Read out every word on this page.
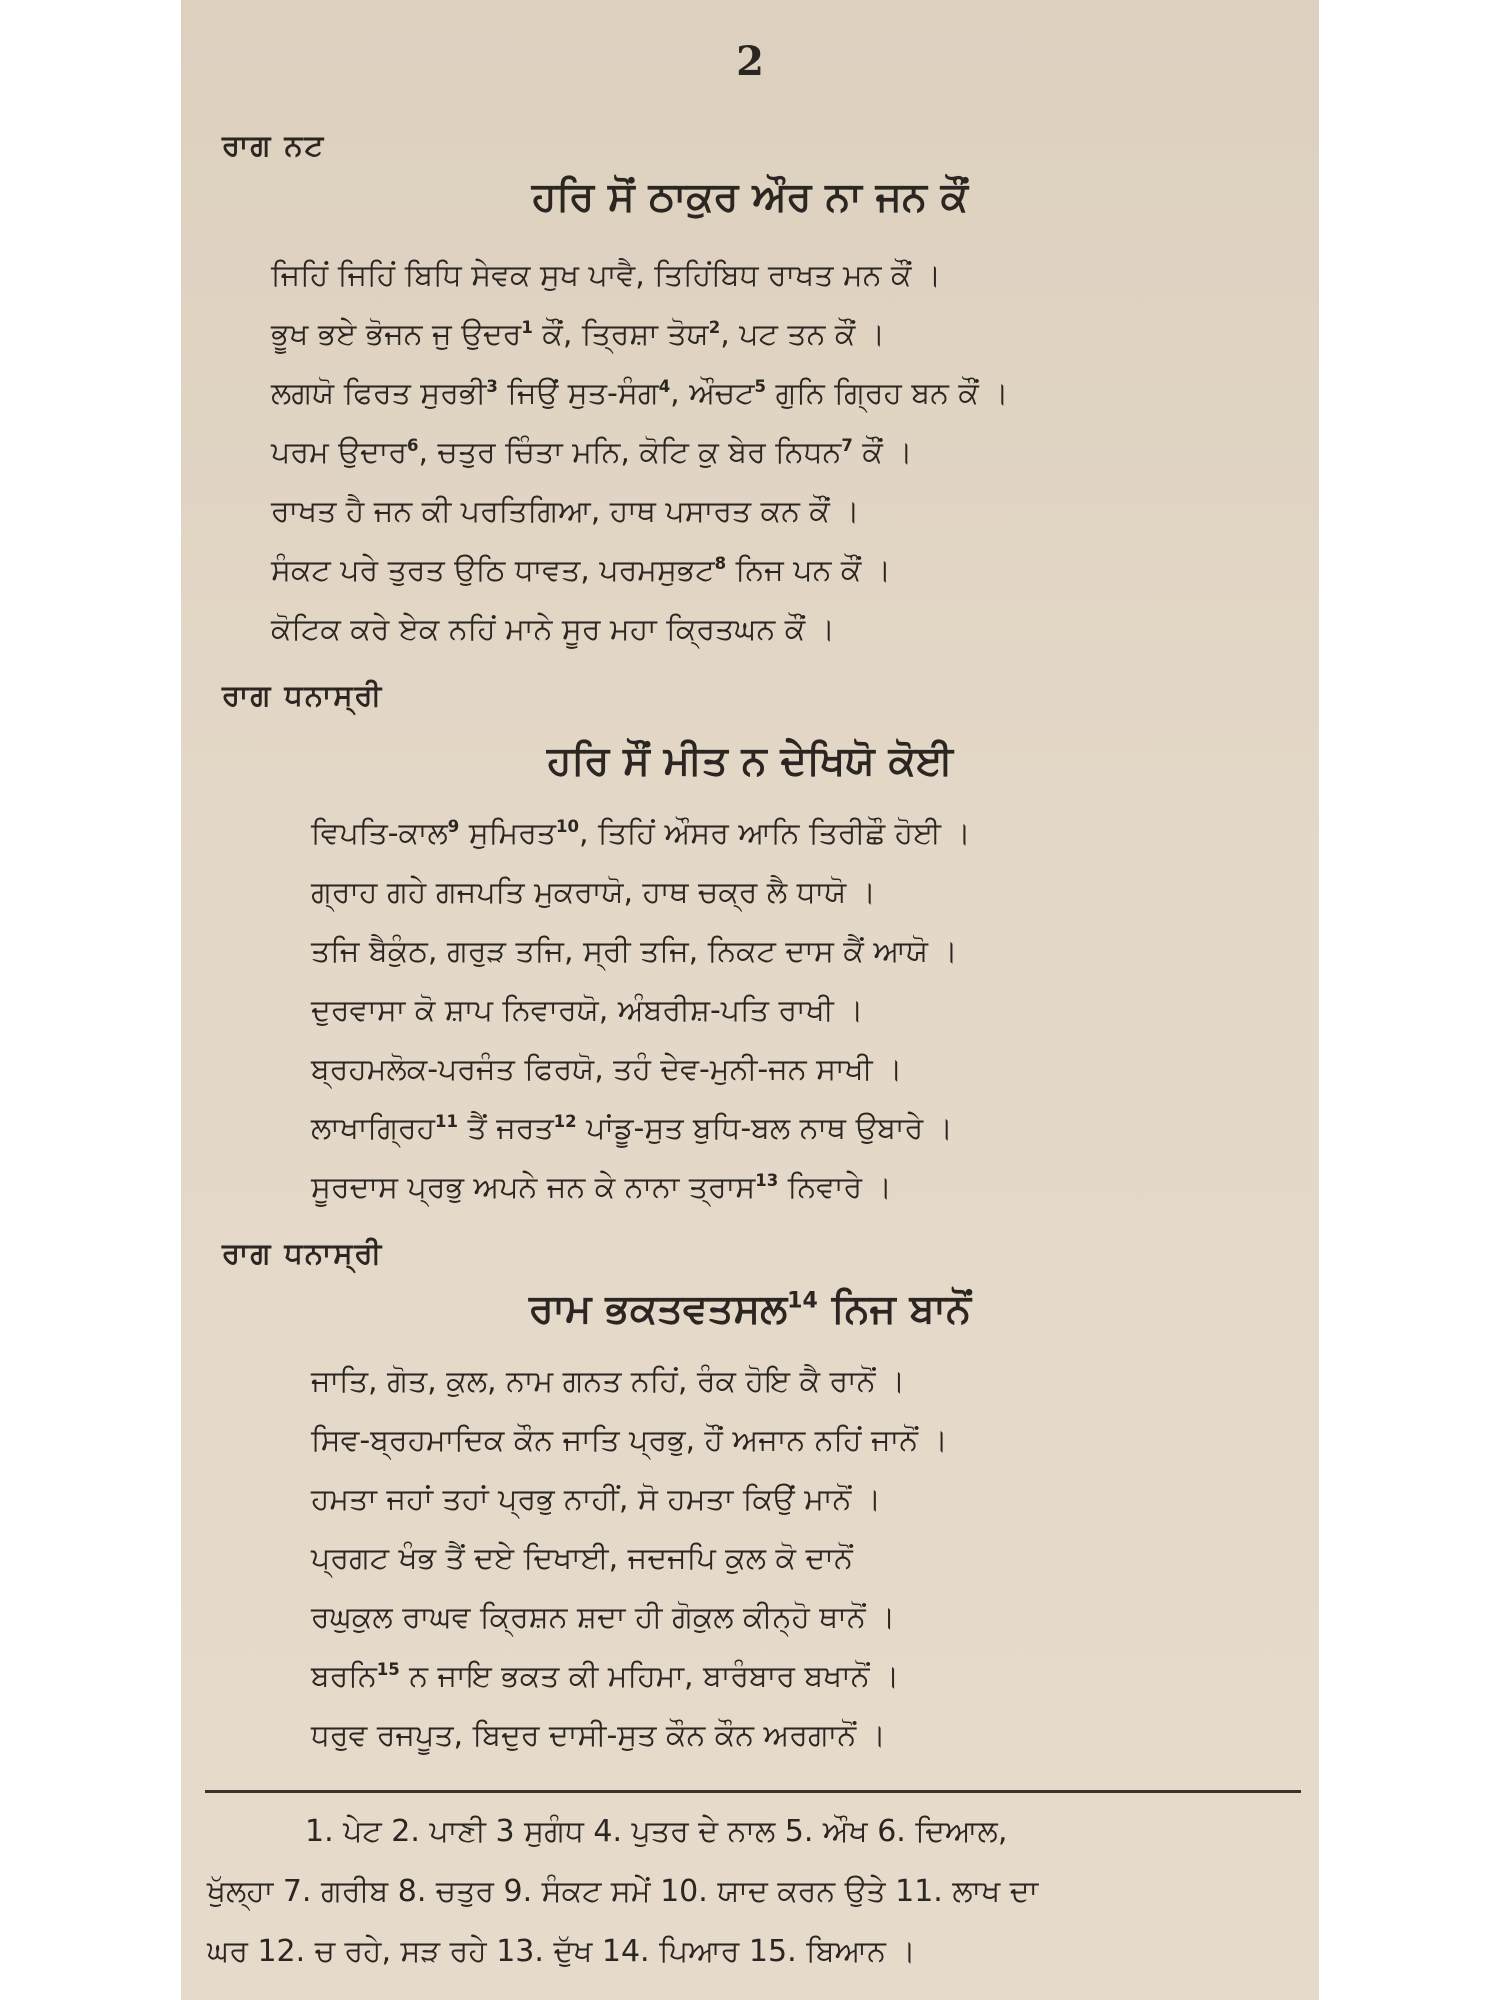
2
ਰਾਗ ਨਟ
ਹਰਿ ਸੋਂ ਠਾਕੁਰ ਔਰ ਨਾ ਜਨ ਕੌਂ
ਜਿਹਿਂ ਜਿਹਿਂ ਬਿਧਿ ਸੇਵਕ ਸੁਖ ਪਾਵੈ, ਤਿਹਿਂਬਿਧ ਰਾਖਤ ਮਨ ਕੌਂ ।
ਭੂਖ ਭਏ ਭੋਜਨ ਜੁ ਉਦਰ$^1$ ਕੌਂ, ਤ੍ਰਿਸ਼ਾ ਤੋਯ$^2$, ਪਟ ਤਨ ਕੌਂ ।
ਲਗਯੋ ਫਿਰਤ ਸੁਰਭੀ$^3$ ਜਿਉਂ ਸੁਤ-ਸੰਗ$^4$, ਔਚਟ$^5$ ਗੁਨਿ ਗ੍ਰਿਹ ਬਨ ਕੌਂ ।
ਪਰਮ ਉਦਾਰ$^6$, ਚਤੁਰ ਚਿੰਤਾ ਮਨਿ, ਕੋਟਿ ਕੁ ਬੇਰ ਨਿਧਨ$^7$ ਕੌਂ ।
ਰਾਖਤ ਹੈ ਜਨ ਕੀ ਪਰਤਿਗਿਆ, ਹਾਥ ਪਸਾਰਤ ਕਨ ਕੌਂ ।
ਸੰਕਟ ਪਰੇ ਤੁਰਤ ਉਠਿ ਧਾਵਤ, ਪਰਮਸੁਭਟ$^8$ ਨਿਜ ਪਨ ਕੌਂ ।
ਕੋਟਿਕ ਕਰੇ ਏਕ ਨਹਿਂ ਮਾਨੇ ਸੂਰ ਮਹਾ ਕ੍ਰਿਤਘਨ ਕੌਂ ।
ਰਾਗ ਧਨਾਸ੍ਰੀ
ਹਰਿ ਸੌਂ ਮੀਤ ਨ ਦੇਖਿਯੋ ਕੋਈ
ਵਿਪਤਿ-ਕਾਲ$^9$ ਸੁਮਿਰਤ$^{10}$, ਤਿਹਿਂ ਔਸਰ ਆਨਿ ਤਿਰੀਛੌ ਹੋਈ ।
ਗ੍ਰਾਹ ਗਹੇ ਗਜਪਤਿ ਮੁਕਰਾਯੋ, ਹਾਥ ਚਕ੍ਰ ਲੈ ਧਾਯੋ ।
ਤਜਿ ਬੈਕੁੰਠ, ਗਰੁੜ ਤਜਿ, ਸ੍ਰੀ ਤਜਿ, ਨਿਕਟ ਦਾਸ ਕੈਂ ਆਯੋ ।
ਦੁਰਵਾਸਾ ਕੋ ਸ਼ਾਪ ਨਿਵਾਰਯੋ, ਅੰਬਰੀਸ਼-ਪਤਿ ਰਾਖੀ ।
ਬ੍ਰਹਮਲੋਕ-ਪਰਜੰਤ ਫਿਰਯੋ, ਤਹੰ ਦੇਵ-ਮੁਨੀ-ਜਨ ਸਾਖੀ ।
ਲਾਖਾਗ੍ਰਿਹ$^{11}$ ਤੈਂ ਜਰਤ$^{12}$ ਪਾਂਡੂ-ਸੁਤ ਬੁਧਿ-ਬਲ ਨਾਥ ਉਬਾਰੇ ।
ਸੂਰਦਾਸ ਪ੍ਰਭੁ ਅਪਨੇ ਜਨ ਕੇ ਨਾਨਾ ਤ੍ਰਾਸ$^{13}$ ਨਿਵਾਰੇ ।
ਰਾਗ ਧਨਾਸ੍ਰੀ
ਰਾਮ ਭਕਤਵਤਸਲ$^{14}$ ਨਿਜ ਬਾਨੋਂ
ਜਾਤਿ, ਗੋਤ, ਕੁਲ, ਨਾਮ ਗਨਤ ਨਹਿਂ, ਰੰਕ ਹੋਇ ਕੈ ਰਾਨੋਂ ।
ਸਿਵ-ਬ੍ਰਹਮਾਦਿਕ ਕੌਨ ਜਾਤਿ ਪ੍ਰਭੁ, ਹੌਂ ਅਜਾਨ ਨਹਿਂ ਜਾਨੋਂ ।
ਹਮਤਾ ਜਹਾਂ ਤਹਾਂ ਪ੍ਰਭੁ ਨਾਹੀਂ, ਸੋ ਹਮਤਾ ਕਿਉਂ ਮਾਨੋਂ ।
ਪ੍ਰਗਟ ਖੰਭ ਤੈਂ ਦਏ ਦਿਖਾਈ, ਜਦਜਪਿ ਕੁਲ ਕੋ ਦਾਨੋਂ
ਰਘੁਕੁਲ ਰਾਘਵ ਕ੍ਰਿਸ਼ਨ ਸ਼ਦਾ ਹੀ ਗੋਕੁਲ ਕੀਨ੍ਹੋ ਥਾਨੋਂ ।
ਬਰਨਿ$^{15}$ ਨ ਜਾਇ ਭਕਤ ਕੀ ਮਹਿਮਾ, ਬਾਰੰਬਾਰ ਬਖਾਨੋਂ ।
ਧਰੁਵ ਰਜਪੂਤ, ਬਿਦੁਰ ਦਾਸੀ-ਸੁਤ ਕੌਨ ਕੌਨ ਅਰਗਾਨੋਂ ।
1. ਪੇਟ 2. ਪਾਣੀ 3 ਸੁਗੰਧ 4. ਪੁਤਰ ਦੇ ਨਾਲ 5. ਔਖ 6. ਦਿਆਲ,
ਖੁੱਲ੍ਹਾ 7. ਗਰੀਬ 8. ਚਤੁਰ 9. ਸੰਕਟ ਸਮੇਂ 10. ਯਾਦ ਕਰਨ ਉਤੇ 11. ਲਾਖ ਦਾ
ਘਰ 12. ਚ ਰਹੇ, ਸੜ ਰਹੇ 13. ਦੁੱਖ 14. ਪਿਆਰ 15. ਬਿਆਨ ।
